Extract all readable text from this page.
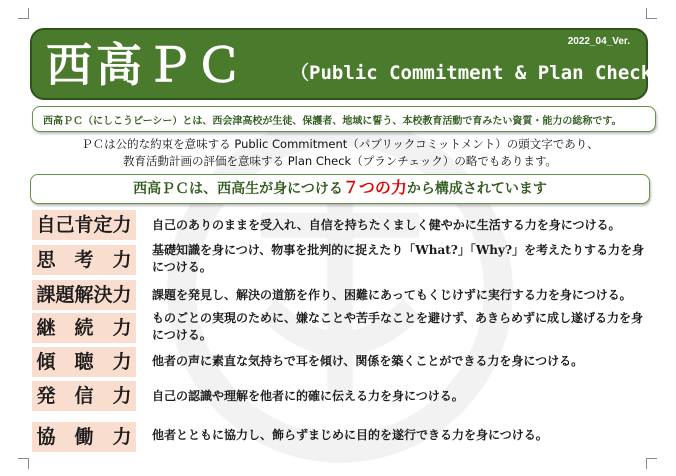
2022_04_Ver.
西高ＰＣ （Public Commitment & Plan Check）
西高ＰＣ（にしこうピーシー）とは、西会津高校が生徒、保護者、地域に誓う、本校教育活動で育みたい資質・能力の総称です。
ＰＣは公的な約束を意味する Public Commitment（パブリックコミットメント）の頭文字であり、
教育活動計画の評価を意味する Plan Check（プランチェック）の略でもあります。
西高ＰＣは、西高生が身につける７つの力から構成されています
自己肯定力	自己のありのままを受入れ、自信を持ちたくましく健やかに生活する力を身につける。
思　考　力	基礎知識を身につけ、物事を批判的に捉えたり「What?」「Why?」を考えたりする力を身につける。
課題解決力	課題を発見し、解決の道筋を作り、困難にあってもくじけずに実行する力を身につける。
継　続　力	ものごとの実現のために、嫌なことや苦手なことを避けず、あきらめずに成し遂げる力を身につける。
傾　聴　力	他者の声に素直な気持ちで耳を傾け、関係を築くことができる力を身につける。
発　信　力	自己の認識や理解を他者に的確に伝える力を身につける。
協　働　力	他者とともに協力し、飾らずまじめに目的を遂行できる力を身につける。
